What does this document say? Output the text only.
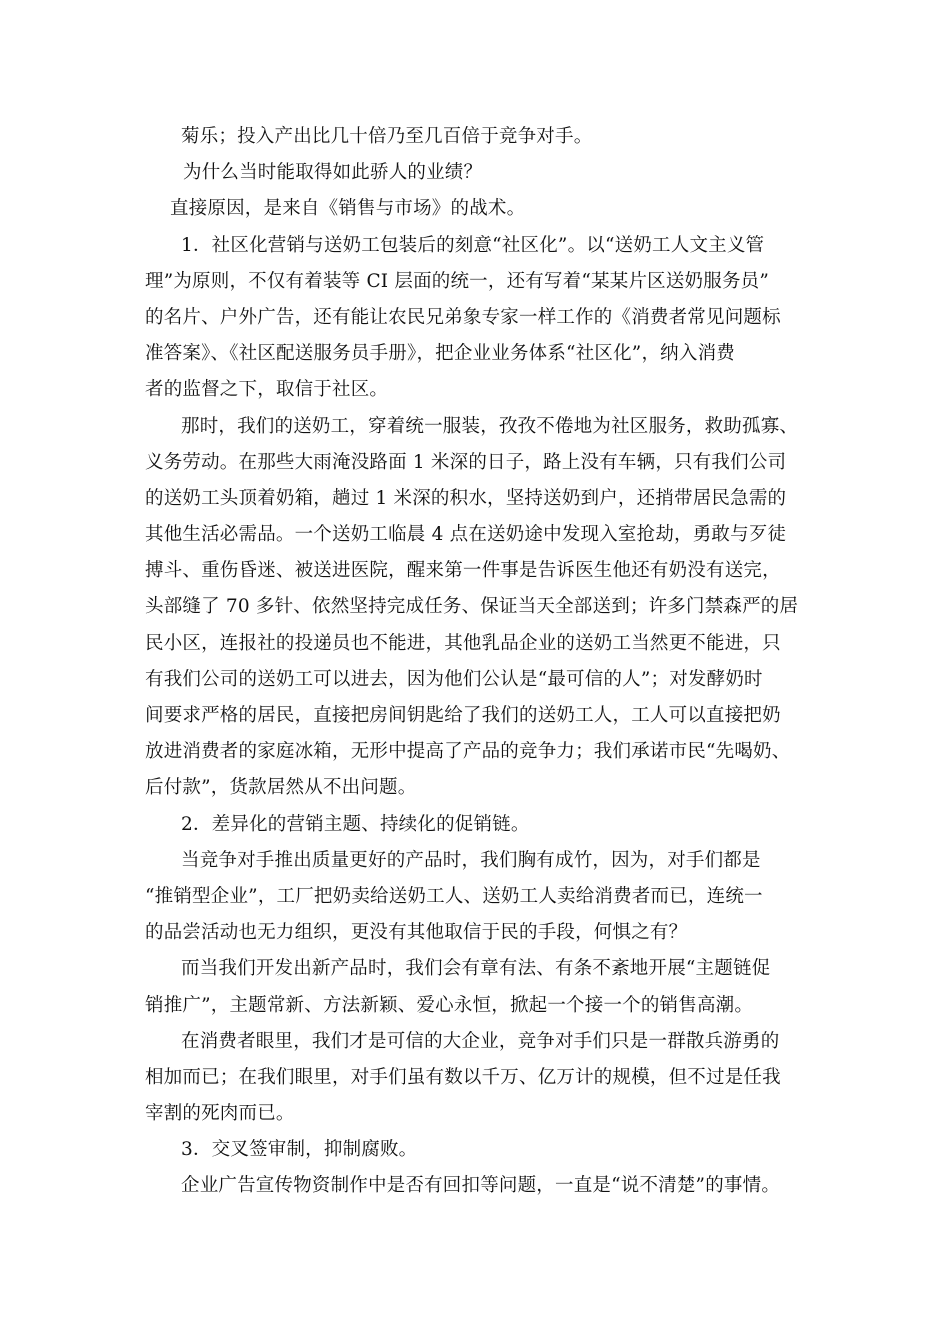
菊乐；投入产出比几十倍乃至几百倍于竞争对手。
为什么当时能取得如此骄人的业绩？
直接原因，是来自《销售与市场》的战术。
1．社区化营销与送奶工包装后的刻意“社区化”。以“送奶工人文主义管
理”为原则，不仅有着装等 CI 层面的统一，还有写着“某某片区送奶服务员”
的名片、户外广告，还有能让农民兄弟象专家一样工作的《消费者常见问题标
准答案》、《社区配送服务员手册》，把企业业务体系“社区化”，纳入消费
者的监督之下，取信于社区。
那时，我们的送奶工，穿着统一服装，孜孜不倦地为社区服务，救助孤寡、
义务劳动。在那些大雨淹没路面 1 米深的日子，路上没有车辆，只有我们公司
的送奶工头顶着奶箱，趟过 1 米深的积水，坚持送奶到户，还捎带居民急需的
其他生活必需品。一个送奶工临晨 4 点在送奶途中发现入室抢劫，勇敢与歹徒
搏斗、重伤昏迷、被送进医院，醒来第一件事是告诉医生他还有奶没有送完，
头部缝了 70 多针、依然坚持完成任务、保证当天全部送到；许多门禁森严的居
民小区，连报社的投递员也不能进，其他乳品企业的送奶工当然更不能进，只
有我们公司的送奶工可以进去，因为他们公认是“最可信的人”；对发酵奶时
间要求严格的居民，直接把房间钥匙给了我们的送奶工人，工人可以直接把奶
放进消费者的家庭冰箱，无形中提高了产品的竞争力；我们承诺市民“先喝奶、
后付款”，货款居然从不出问题。
2．差异化的营销主题、持续化的促销链。
当竞争对手推出质量更好的产品时，我们胸有成竹，因为，对手们都是
“推销型企业”，工厂把奶卖给送奶工人、送奶工人卖给消费者而已，连统一
的品尝活动也无力组织，更没有其他取信于民的手段，何惧之有？
而当我们开发出新产品时，我们会有章有法、有条不紊地开展“主题链促
销推广”，主题常新、方法新颖、爱心永恒，掀起一个接一个的销售高潮。
在消费者眼里，我们才是可信的大企业，竞争对手们只是一群散兵游勇的
相加而已；在我们眼里，对手们虽有数以千万、亿万计的规模，但不过是任我
宰割的死肉而已。
3．交叉签审制，抑制腐败。
企业广告宣传物资制作中是否有回扣等问题，一直是“说不清楚”的事情。
